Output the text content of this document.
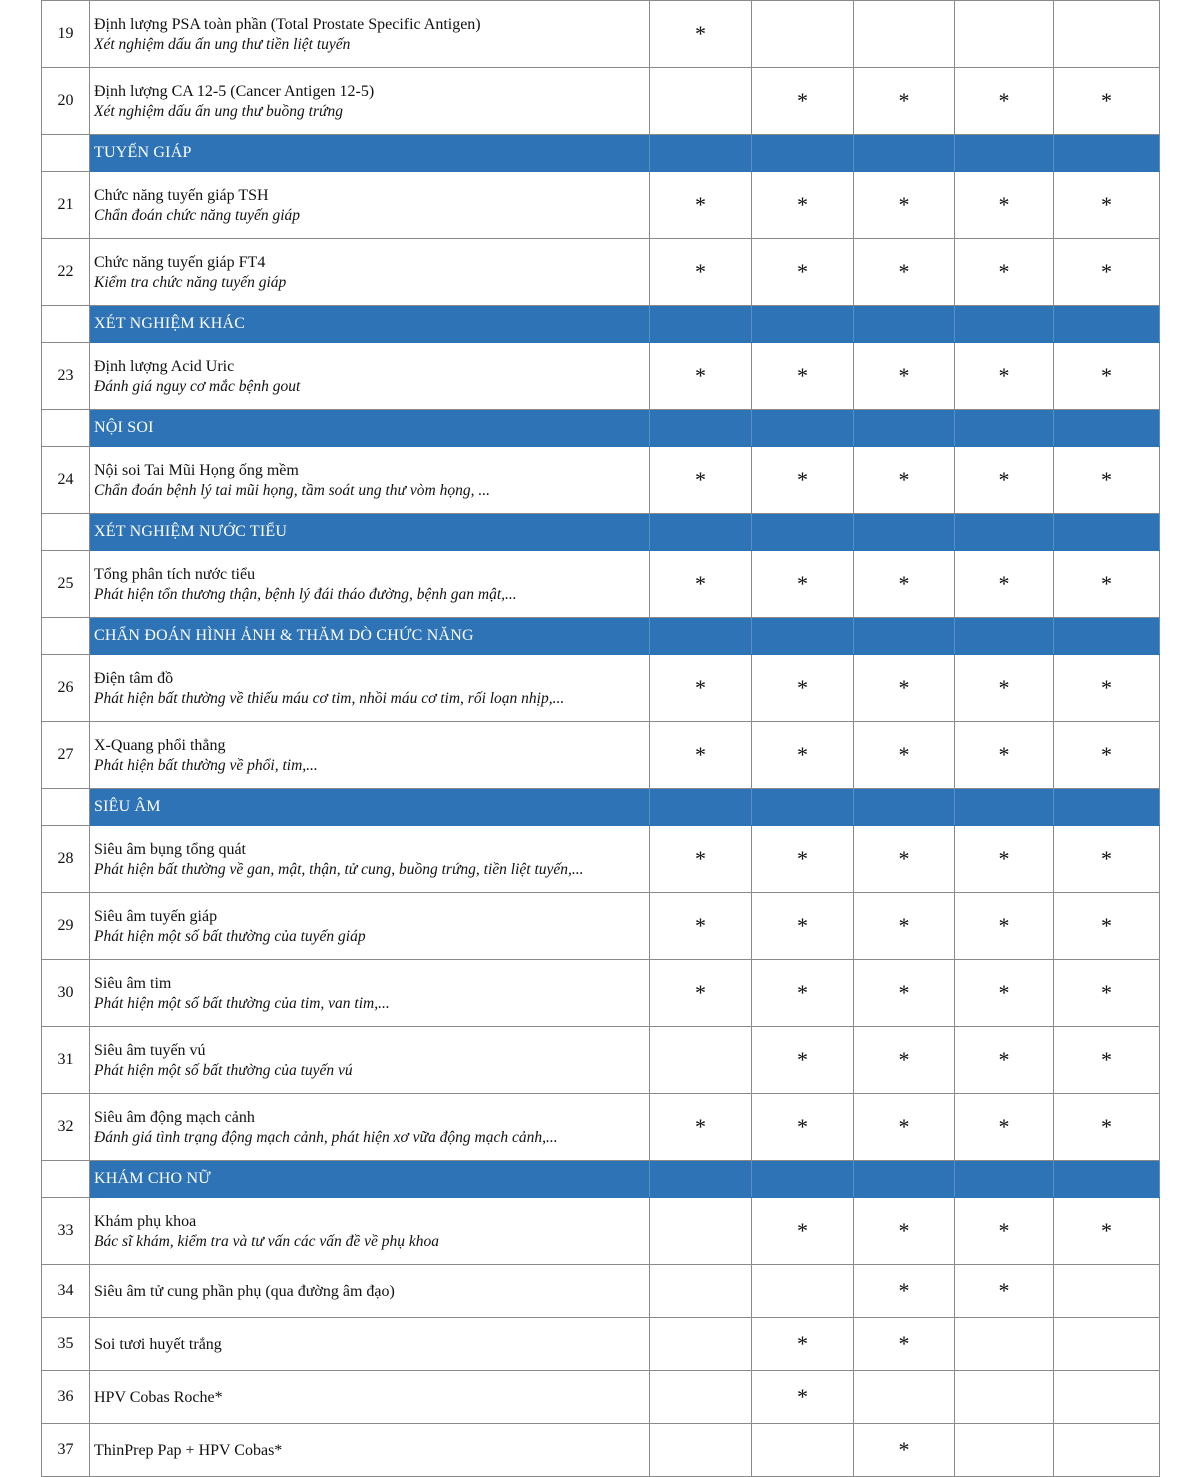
19	Định lượng PSA toàn phần (Total Prostate Specific Antigen)
Xét nghiệm dấu ấn ung thư tiền liệt tuyến	*				
20	Định lượng CA 12-5 (Cancer Antigen 12-5)
Xét nghiệm dấu ấn ung thư buồng trứng		*	*	*	*
	TUYẾN GIÁP					
21	Chức năng tuyến giáp TSH
Chẩn đoán chức năng tuyến giáp	*	*	*	*	*
22	Chức năng tuyến giáp FT4
Kiểm tra chức năng tuyến giáp	*	*	*	*	*
	XÉT NGHIỆM KHÁC					
23	Định lượng Acid Uric
Đánh giá nguy cơ mắc bệnh gout	*	*	*	*	*
	NỘI SOI					
24	Nội soi Tai Mũi Họng ống mềm
Chẩn đoán bệnh lý tai mũi họng, tầm soát ung thư vòm họng, ...	*	*	*	*	*
	XÉT NGHIỆM NƯỚC TIỂU					
25	Tổng phân tích nước tiểu
Phát hiện tổn thương thận, bệnh lý đái tháo đường, bệnh gan mật,...	*	*	*	*	*
	CHẨN ĐOÁN HÌNH ẢNH & THĂM DÒ CHỨC NĂNG					
26	Điện tâm đồ
Phát hiện bất thường về thiếu máu cơ tim, nhồi máu cơ tim, rối loạn nhịp,...	*	*	*	*	*
27	X-Quang phổi thẳng
Phát hiện bất thường về phổi, tim,...	*	*	*	*	*
	SIÊU ÂM					
28	Siêu âm bụng tổng quát
Phát hiện bất thường về gan, mật, thận, tử cung, buồng trứng, tiền liệt tuyến,...	*	*	*	*	*
29	Siêu âm tuyến giáp
Phát hiện một số bất thường của tuyến giáp	*	*	*	*	*
30	Siêu âm tim
Phát hiện một số bất thường của tim, van tim,...	*	*	*	*	*
31	Siêu âm tuyến vú
Phát hiện một số bất thường của tuyến vú		*	*	*	*
32	Siêu âm động mạch cảnh
Đánh giá tình trạng động mạch cảnh, phát hiện xơ vữa động mạch cảnh,...	*	*	*	*	*
	KHÁM CHO NỮ					
33	Khám phụ khoa
Bác sĩ khám, kiểm tra và tư vấn các vấn đề về phụ khoa		*	*	*	*
34	Siêu âm tử cung phần phụ (qua đường âm đạo)			*	*	
35	Soi tươi huyết trắng		*	*		
36	HPV Cobas Roche*		*			
37	ThinPrep Pap + HPV Cobas*			*		
